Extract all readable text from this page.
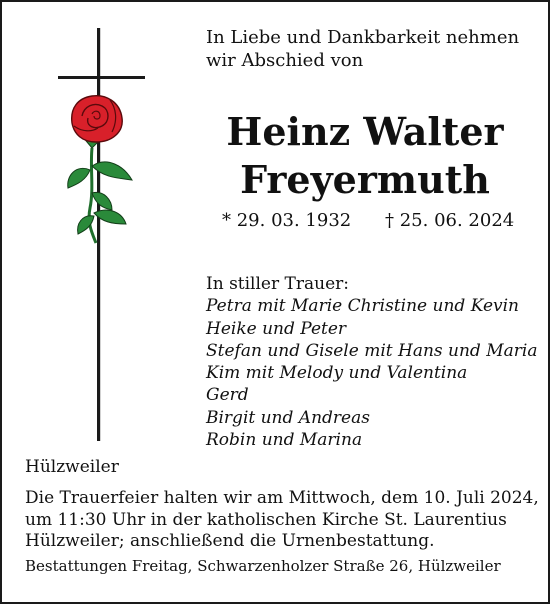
In Liebe und Dankbarkeit nehmen
wir Abschied von
Heinz Walter
Freyermuth
* 29. 03. 1932 † 25. 06. 2024
In stiller Trauer:
Petra mit Marie Christine und Kevin
Heike und Peter
Stefan und Gisele mit Hans und Maria
Kim mit Melody und Valentina
Gerd
Birgit und Andreas
Robin und Marina
Hülzweiler
Die Trauerfeier halten wir am Mittwoch, dem 10. Juli 2024,
um 11:30 Uhr in der katholischen Kirche St. Laurentius
Hülzweiler; anschließend die Urnenbestattung.
Bestattungen Freitag, Schwarzenholzer Straße 26, Hülzweiler
